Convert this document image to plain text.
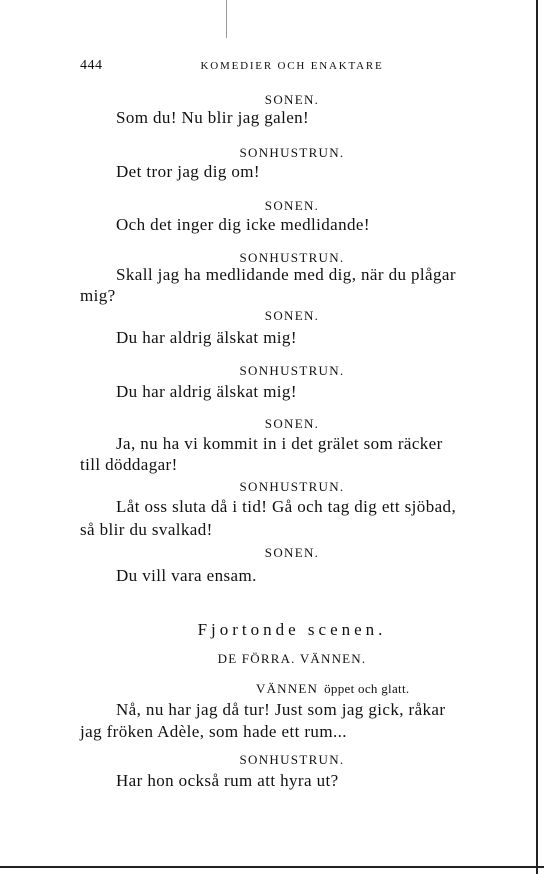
444	KOMEDIER OCH ENAKTARE
SONEN.
Som du! Nu blir jag galen!
SONHUSTRUN.
Det tror jag dig om!
SONEN.
Och det inger dig icke medlidande!
SONHUSTRUN.
Skall jag ha medlidande med dig, när du plågar
mig?
SONEN.
Du har aldrig älskat mig!
SONHUSTRUN.
Du har aldrig älskat mig!
SONEN.
Ja, nu ha vi kommit in i det grälet som räcker
till döddagar!
SONHUSTRUN.
Låt oss sluta då i tid! Gå och tag dig ett sjöbad,
så blir du svalkad!
SONEN.
Du vill vara ensam.
Fjortonde scenen.
DE FÖRRA. VÄNNEN.
VÄNNEN öppet och glatt.
Nå, nu har jag då tur! Just som jag gick, råkar
jag fröken Adèle, som hade ett rum...
SONHUSTRUN.
Har hon också rum att hyra ut?
